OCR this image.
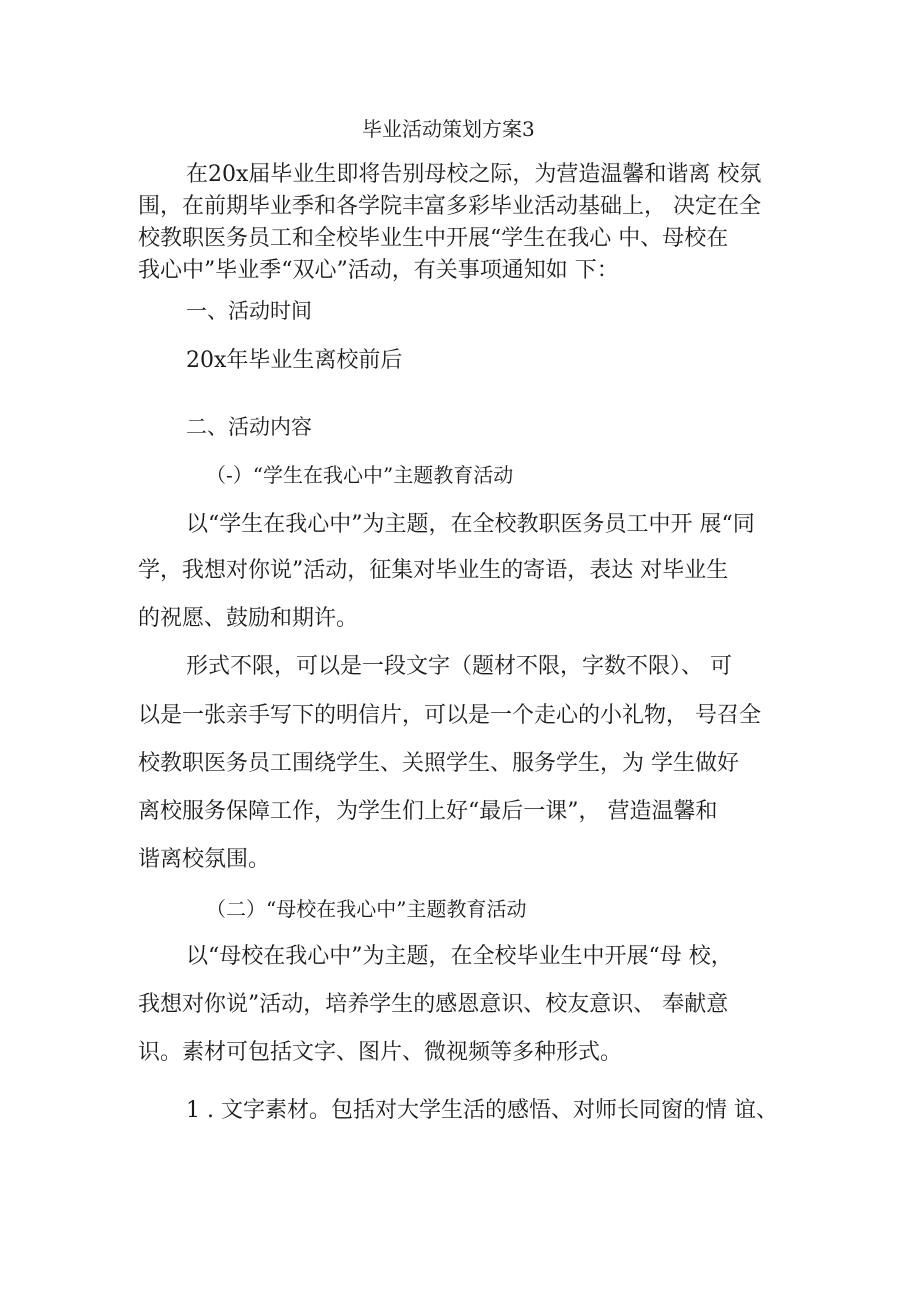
毕业活动策划方案3

在20x届毕业生即将告别母校之际，为营造温馨和谐离 校氛

围，在前期毕业季和各学院丰富多彩毕业活动基础上， 决定在全

校教职医务员工和全校毕业生中开展“学生在我心 中、母校在

我心中”毕业季“双心”活动，有关事项通知如 下：

一、活动时间

20x年毕业生离校前后

二、活动内容

（-）“学生在我心中”主题教育活动

以“学生在我心中”为主题，在全校教职医务员工中开 展“同

学，我想对你说”活动，征集对毕业生的寄语，表达 对毕业生

的祝愿、鼓励和期许。

形式不限，可以是一段文字（题材不限，字数不限）、 可

以是一张亲手写下的明信片，可以是一个走心的小礼物， 号召全

校教职医务员工围绕学生、关照学生、服务学生，为 学生做好

离校服务保障工作，为学生们上好“最后一课”， 营造温馨和

谐离校氛围。

（二）“母校在我心中”主题教育活动

以“母校在我心中”为主题，在全校毕业生中开展“母 校，

我想对你说”活动，培养学生的感恩意识、校友意识、 奉献意

识。素材可包括文字、图片、微视频等多种形式。

1 . 文字素材。包括对大学生活的感悟、对师长同窗的情 谊、
